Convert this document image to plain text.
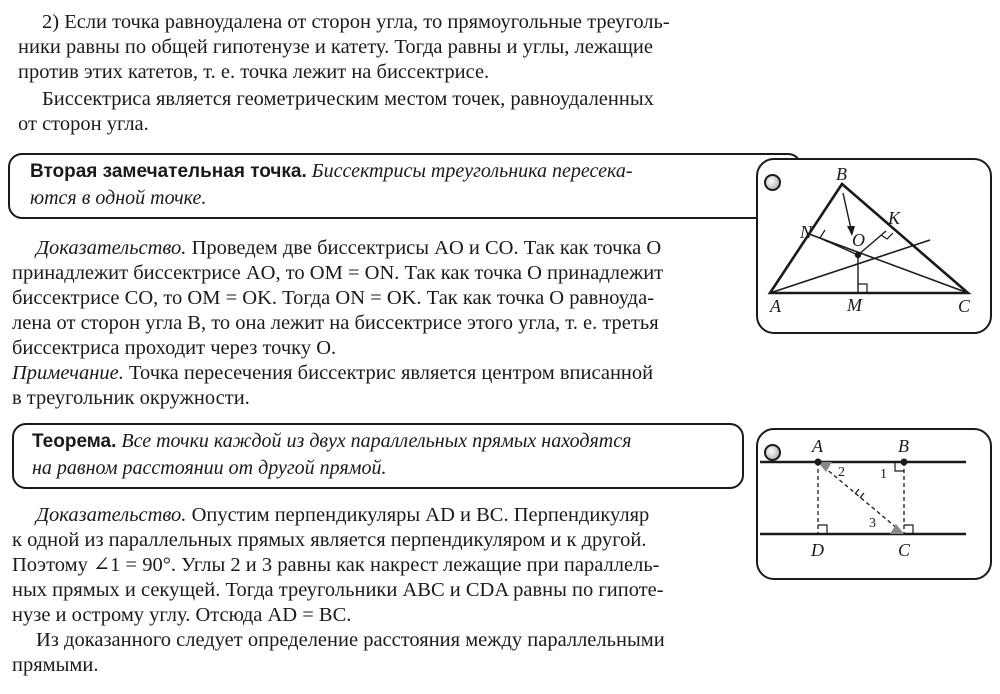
2) Если точка равноудалена от сторон угла, то прямоугольные треуголь-
ники равны по общей гипотенузе и катету. Тогда равны и углы, лежащие
против этих катетов, т. е. точка лежит на биссектрисе.
Биссектриса является геометрическим местом точек, равноудаленных
от сторон угла.
Вторая замечательная точка. Биссектрисы треугольника пересека-
ются в одной точке.
Доказательство. Проведем две биссектрисы AO и CO. Так как точка O
принадлежит биссектрисе AO, то OM = ON. Так как точка O принадлежит
биссектрисе CO, то OM = OK. Тогда ON = OK. Так как точка O равноуда-
лена от сторон угла B, то она лежит на биссектрисе этого угла, т. е. третья
биссектриса проходит через точку O.
Примечание. Точка пересечения биссектрис является центром вписанной
в треугольник окружности.
B
A	C
M
N
K
O
Теорема. Все точки каждой из двух параллельных прямых находятся
на равном расстоянии от другой прямой.
Доказательство. Опустим перпендикуляры AD и BC. Перпендикуляр
к одной из параллельных прямых является перпендикуляром и к другой.
Поэтому ∠1 = 90°. Углы 2 и 3 равны как накрест лежащие при параллель-
ных прямых и секущей. Тогда треугольники ABC и CDA равны по гипоте-
нузе и острому углу. Отсюда AD = BC.
Из доказанного следует определение расстояния между параллельными
прямыми.
A	B
D	C
1
2
3
